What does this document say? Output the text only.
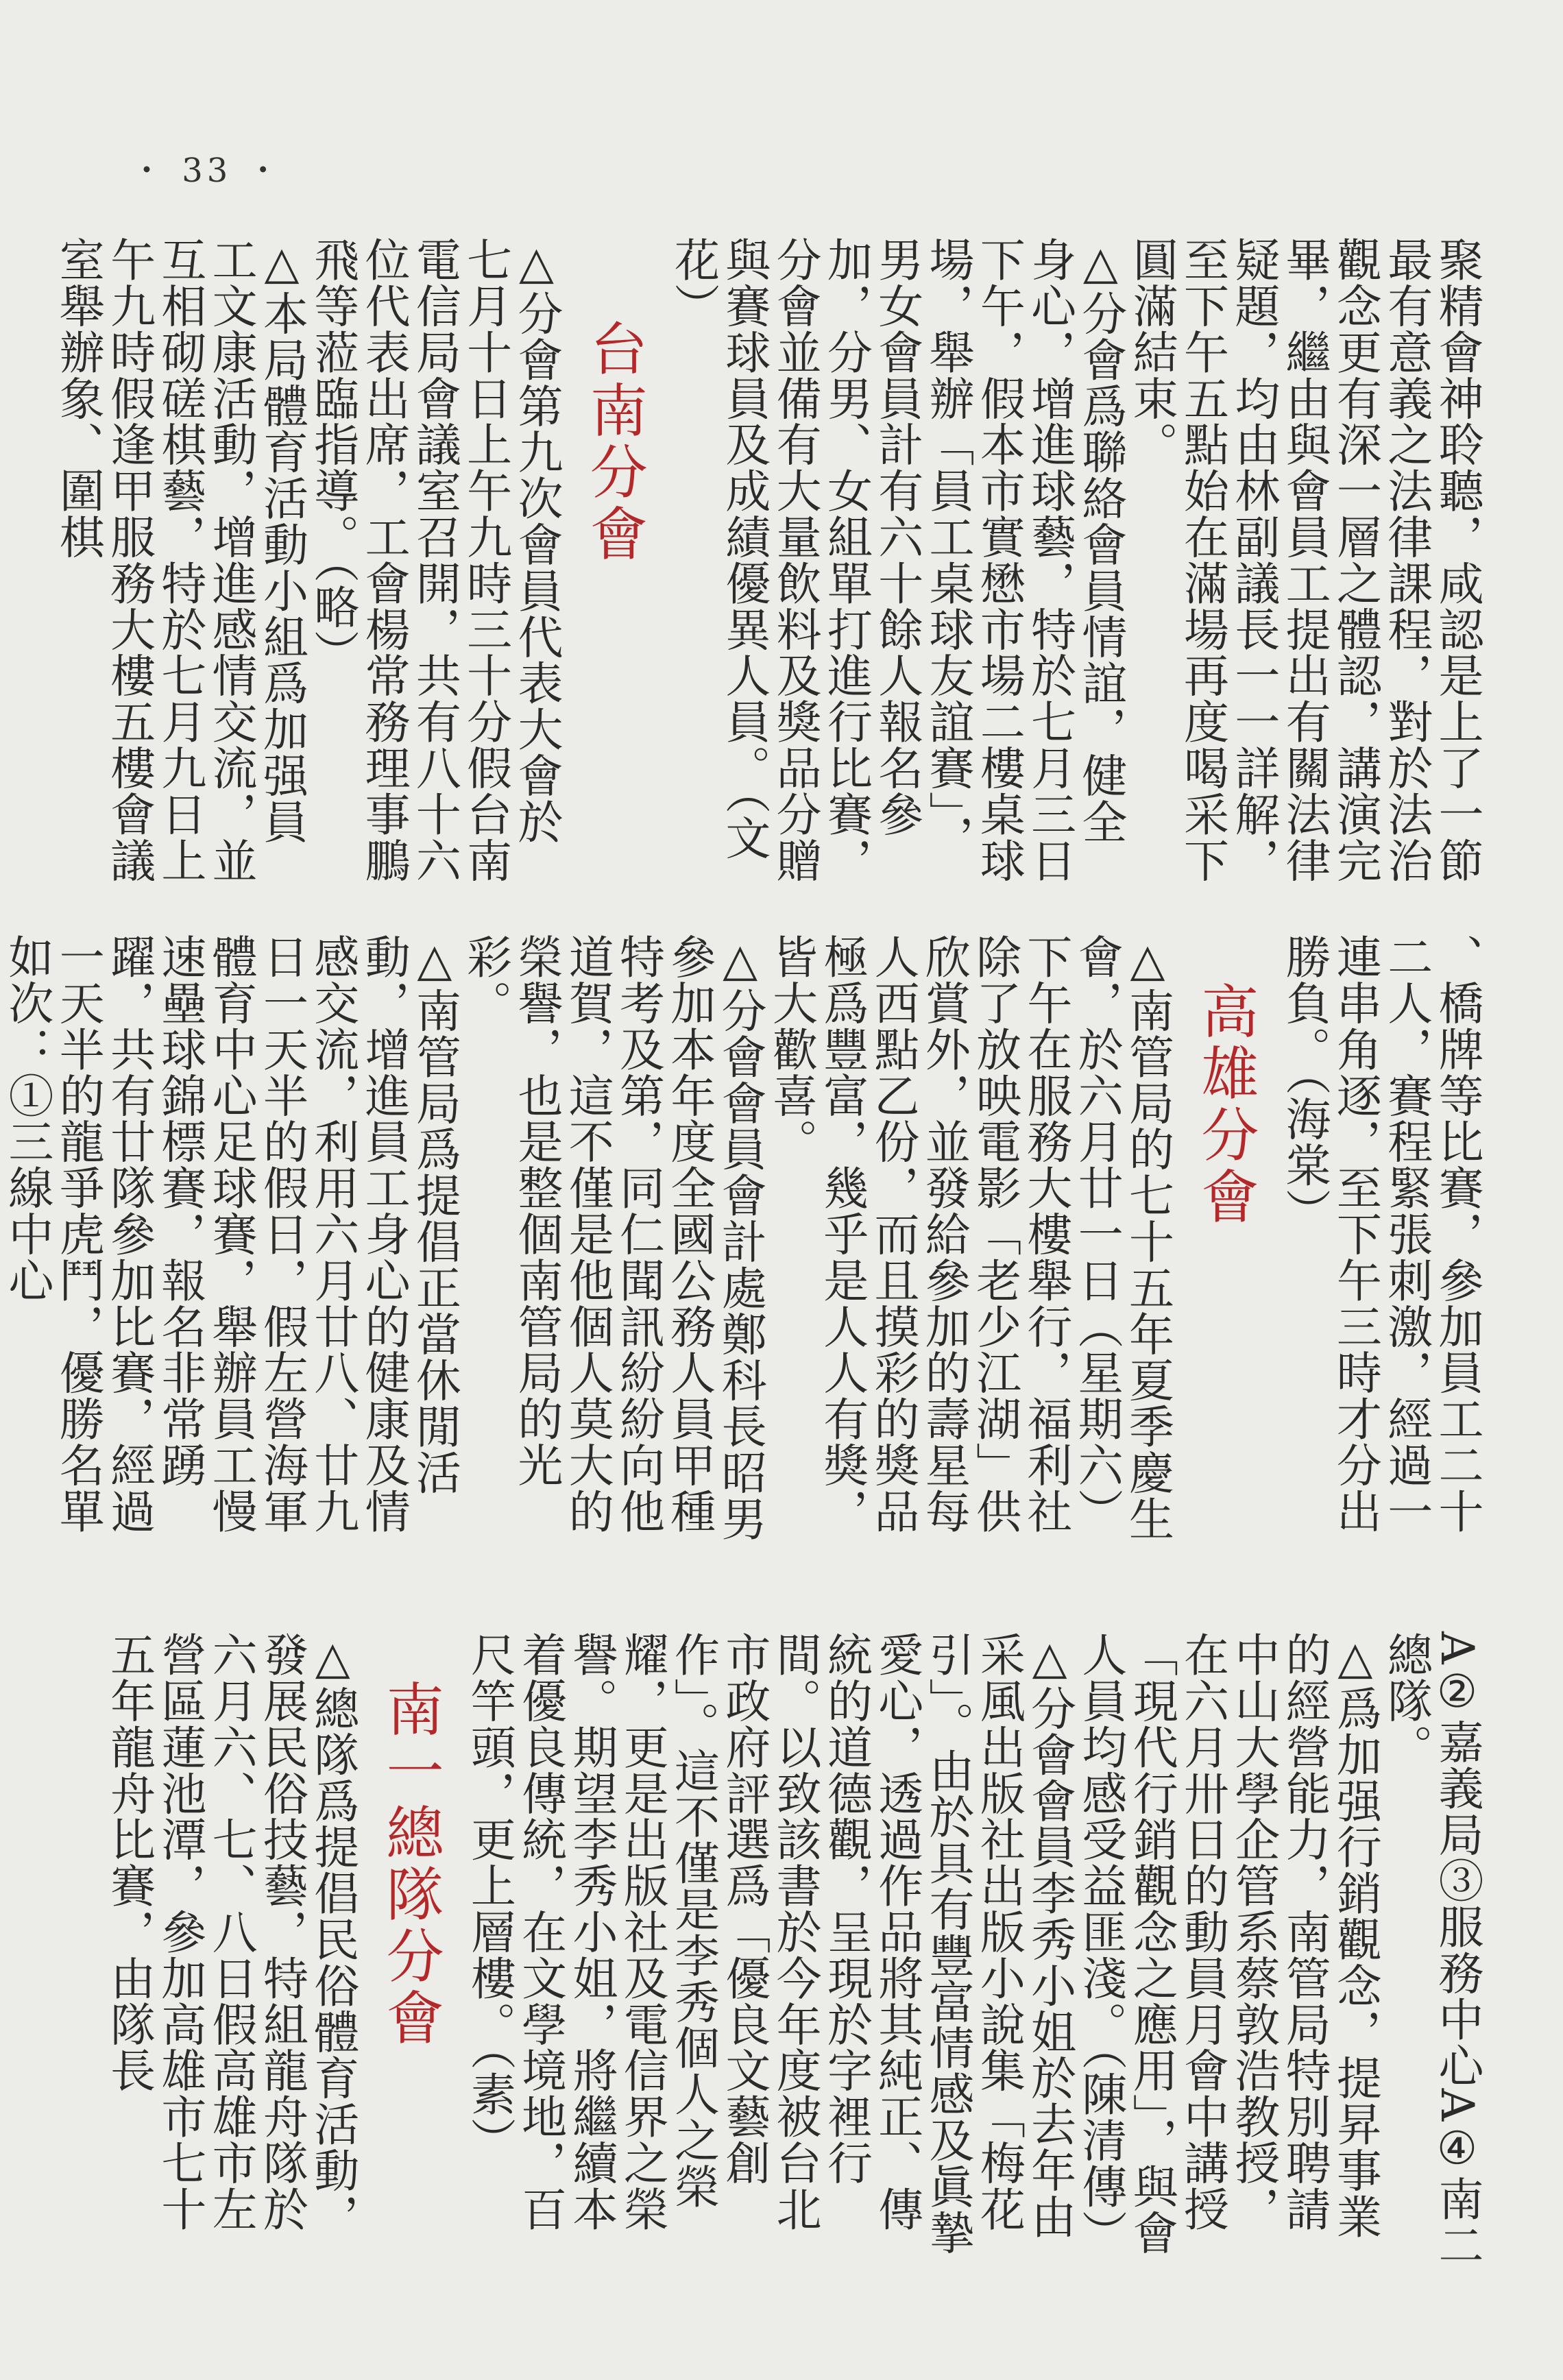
・ 33 ・

聚精會神聆聽，咸認是上了一節最有意義之法律課程，對於法治觀念更有深一層之體認，講演完畢，繼由與會員工提出有關法律疑題，均由林副議長一一詳解，至下午五點始在滿場再度喝采下圓滿結束。

△分會爲聯絡會員情誼，健全身心，增進球藝，特於七月三日下午，假本市實懋市場二樓桌球場，舉辦「員工桌球友誼賽」，男女會員計有六十餘人報名參加，分男、女組單打進行比賽，分會並備有大量飲料及獎品分贈與賽球員及成績優異人員。（文花）

台南分會

△分會第九次會員代表大會於七月十日上午九時三十分假台南電信局會議室召開，共有八十六位代表出席，工會楊常務理事鵬飛等蒞臨指導。（略）

△本局體育活動小組爲加强員工文康活動，增進感情交流，並互相砌磋棋藝，特於七月九日上午九時假逢甲服務大樓五樓會議室舉辦象、圍棋

、橋牌等比賽，參加員工二十二人，賽程緊張刺激，經過一連串角逐，至下午三時才分出勝負。（海棠）

高雄分會

△南管局的七十五年夏季慶生會，於六月廿一日（星期六）下午在服務大樓舉行，福利社除了放映電影「老少江湖」供欣賞外，並發給參加的壽星每人西點乙份，而且摸彩的獎品極爲豐富，幾乎是人人有獎，皆大歡喜。

△分會會員會計處鄭科長昭男參加本年度全國公務人員甲種特考及第，同仁聞訊紛紛向他道賀，這不僅是他個人莫大的榮譽，也是整個南管局的光彩。

△南管局爲提倡正當休閒活動，增進員工身心的健康及情感交流，利用六月廿八、廿九日一天半的假日，假左營海軍體育中心足球賽，舉辦員工慢速壘球錦標賽，報名非常踴躍，共有廿隊參加比賽，經過一天半的龍爭虎鬥，優勝名單如次：①三線中心

A②嘉義局③服務中心A④南二總隊。

△爲加强行銷觀念，提昇事業的經營能力，南管局特別聘請中山大學企管系蔡敦浩教授，在六月卅日的動員月會中講授「現代行銷觀念之應用」，與會人員均感受益匪淺。（陳清傳）

△分會會員李秀小姐於去年由采風出版社出版小說集「梅花引」。由於具有豐富情感及眞摯愛心，透過作品將其純正、傳統的道德觀，呈現於字裡行間。以致該書於今年度被台北市政府評選爲「優良文藝創作」。這不僅是李秀個人之榮耀，更是出版社及電信界之榮譽。期望李秀小姐，將繼續本着優良傳統，在文學境地，百尺竿頭，更上層樓。（素）

南一總隊分會

△總隊爲提倡民俗體育活動，發展民俗技藝，特組龍舟隊於六月六、七、八日假高雄市左營區蓮池潭，參加高雄市七十五年龍舟比賽，由隊長
